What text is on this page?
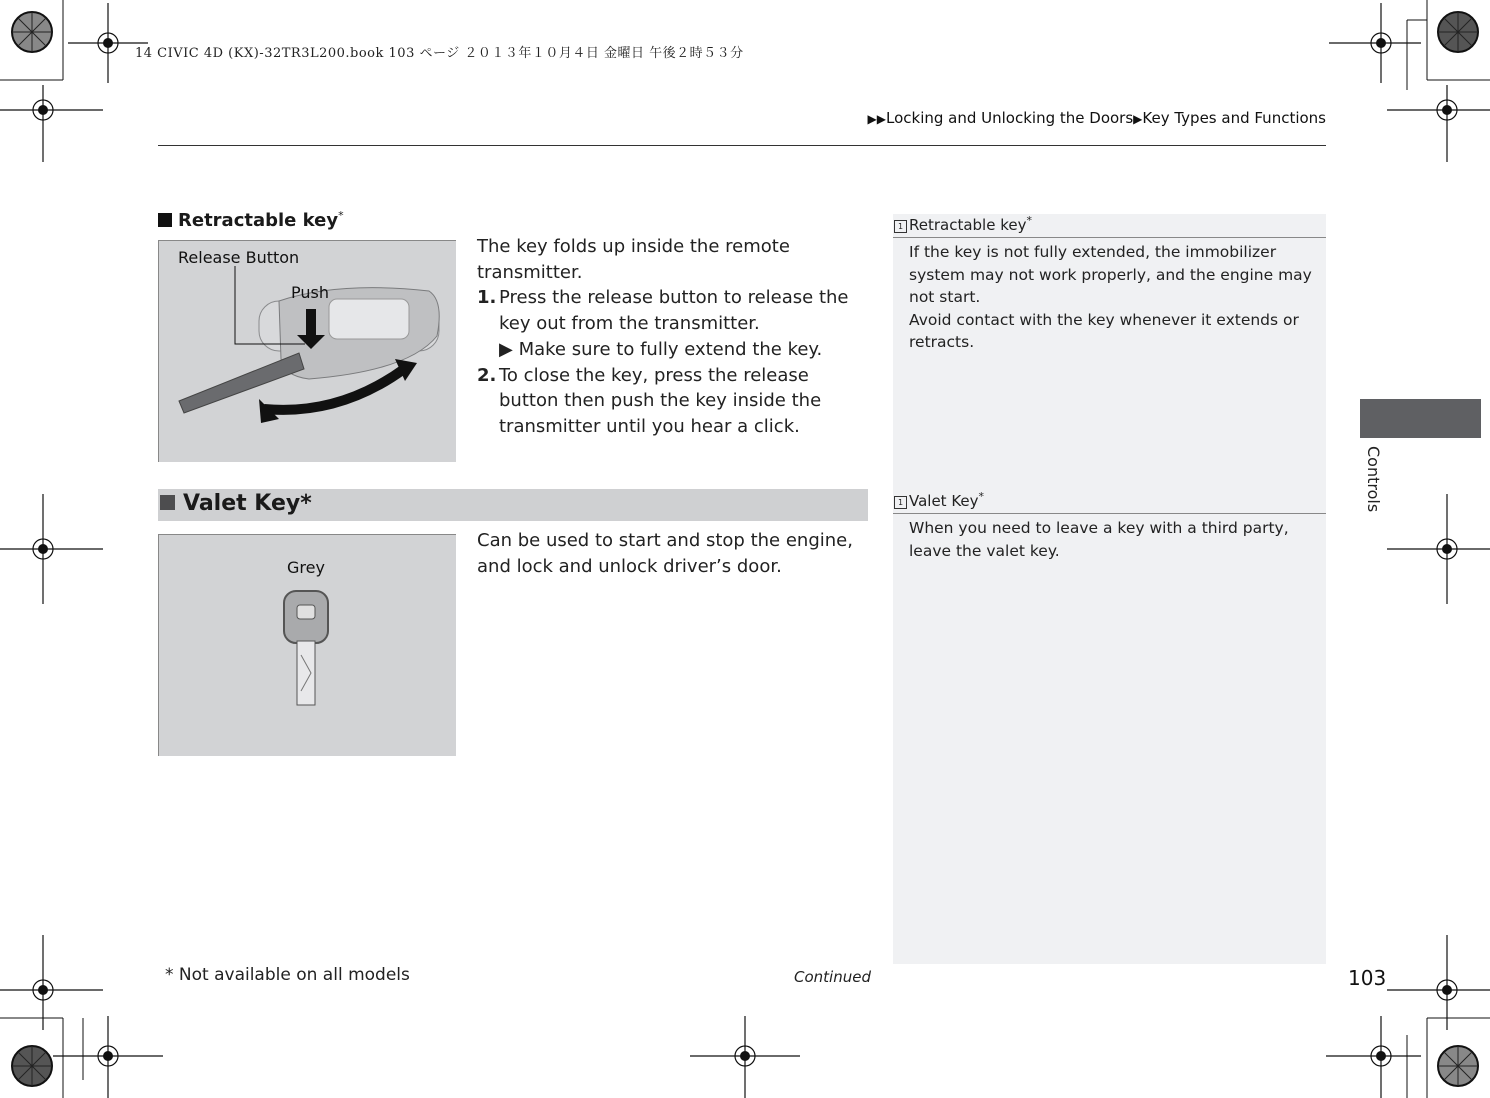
14 CIVIC 4D (KX)-32TR3L200.book 103 ページ ２０１３年１０月４日 金曜日 午後２時５３分
▶▶Locking and Unlocking the Doors▶Key Types and Functions
Retractable key*
Release Button
Push

The key folds up inside the remote transmitter.

1. Press the release button to release the key out from the transmitter.
▶ Make sure to fully extend the key.
2. To close the key, press the release button then push the key inside the transmitter until you hear a click.
Valet Key*
Grey
Can be used to start and stop the engine, and lock and unlock driver’s door.
1 Retractable key*

If the key is not fully extended, the immobilizer system may not work properly, and the engine may not start.

Avoid contact with the key whenever it extends or retracts.

1 Valet Key*

When you need to leave a key with a third party, leave the valet key.

Controls
* Not available on all models	Continued	103
